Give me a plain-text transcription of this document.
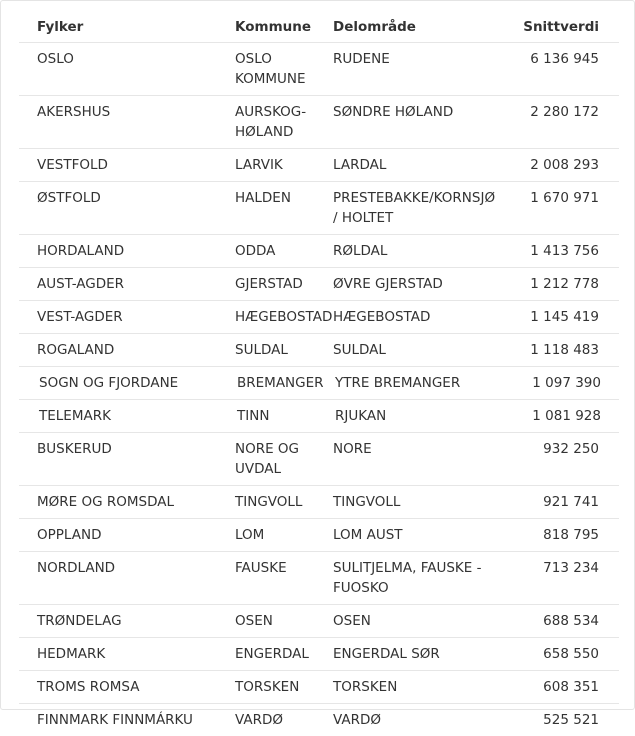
Fylker	Kommune	Delområde	Snittverdi
OSLO	OSLO KOMMUNE	RUDENE	6 136 945
AKERSHUS	AURSKOG-HØLAND	SØNDRE HØLAND	2 280 172
VESTFOLD	LARVIK	LARDAL	2 008 293
ØSTFOLD	HALDEN	PRESTEBAKKE/KORNSJØ / HOLTET	1 670 971
HORDALAND	ODDA	RØLDAL	1 413 756
AUST-AGDER	GJERSTAD	ØVRE GJERSTAD	1 212 778
VEST-AGDER	HÆGEBOSTAD	HÆGEBOSTAD	1 145 419
ROGALAND	SULDAL	SULDAL	1 118 483
SOGN OG FJORDANE	BREMANGER	YTRE BREMANGER	1 097 390
TELEMARK	TINN	RJUKAN	1 081 928
BUSKERUD	NORE OG UVDAL	NORE	932 250
MØRE OG ROMSDAL	TINGVOLL	TINGVOLL	921 741
OPPLAND	LOM	LOM AUST	818 795
NORDLAND	FAUSKE	SULITJELMA, FAUSKE - FUOSKO	713 234
TRØNDELAG	OSEN	OSEN	688 534
HEDMARK	ENGERDAL	ENGERDAL SØR	658 550
TROMS ROMSA	TORSKEN	TORSKEN	608 351
FINNMARK FINNMÁRKU	VARDØ	VARDØ	525 521
